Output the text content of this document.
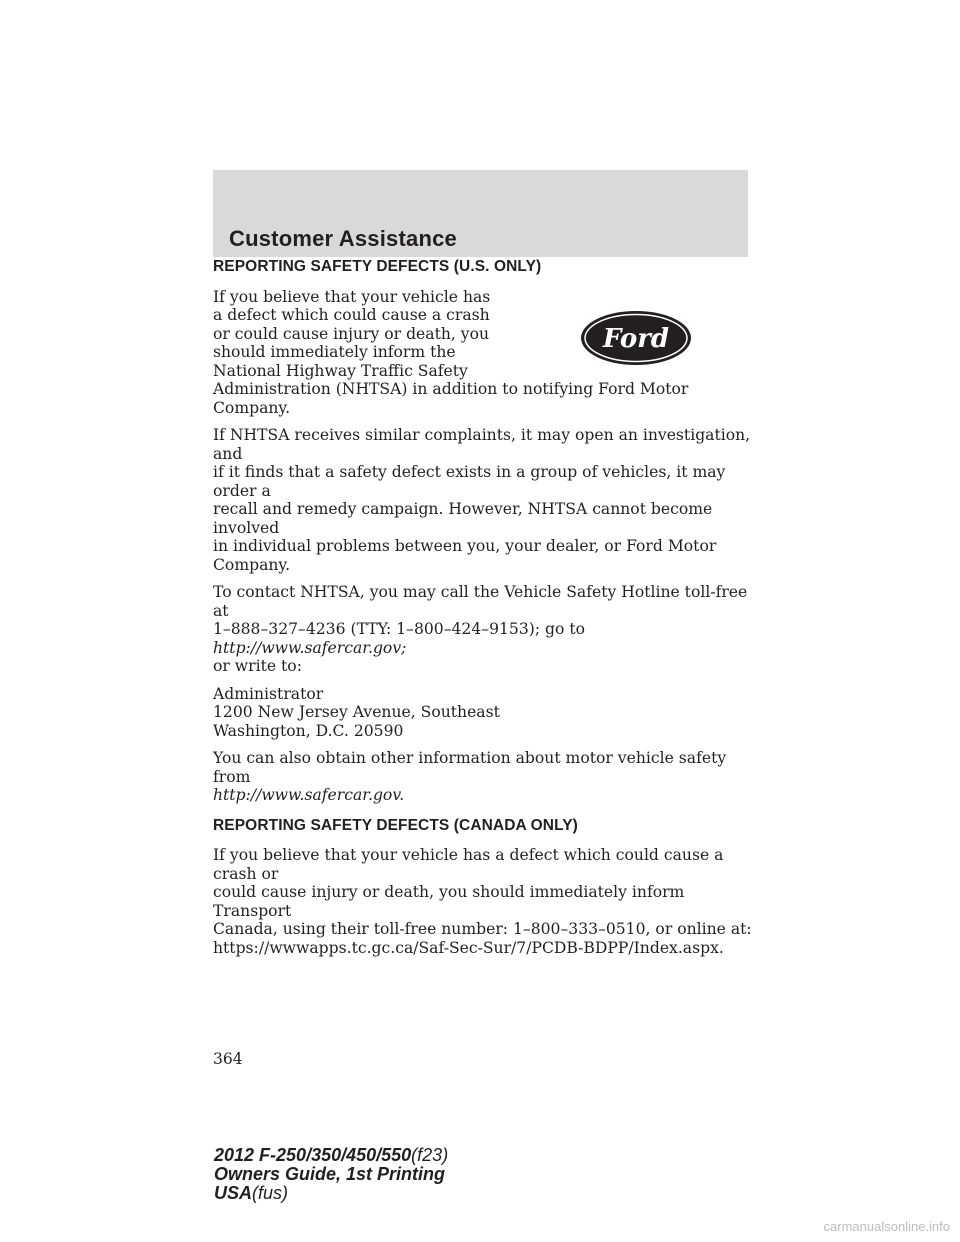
Customer Assistance
REPORTING SAFETY DEFECTS (U.S. ONLY)

If you believe that your vehicle has
a defect which could cause a crash
or could cause injury or death, you
should immediately inform the
National Highway Traffic Safety
Administration (NHTSA) in addition to notifying Ford Motor Company.

Ford

If NHTSA receives similar complaints, it may open an investigation, and
if it finds that a safety defect exists in a group of vehicles, it may order a
recall and remedy campaign. However, NHTSA cannot become involved
in individual problems between you, your dealer, or Ford Motor
Company.

To contact NHTSA, you may call the Vehicle Safety Hotline toll-free at
1–888–327–4236 (TTY: 1–800–424–9153); go to http://www.safercar.gov;
or write to:

Administrator
1200 New Jersey Avenue, Southeast
Washington, D.C. 20590

You can also obtain other information about motor vehicle safety from
http://www.safercar.gov.

REPORTING SAFETY DEFECTS (CANADA ONLY)

If you believe that your vehicle has a defect which could cause a crash or
could cause injury or death, you should immediately inform Transport
Canada, using their toll-free number: 1–800–333–0510, or online at:
https://wwwapps.tc.gc.ca/Saf-Sec-Sur/7/PCDB-BDPP/Index.aspx.

364
2012 F-250/350/450/550(f23)
Owners Guide, 1st Printing
USA(fus)
carmanualsonline.info
